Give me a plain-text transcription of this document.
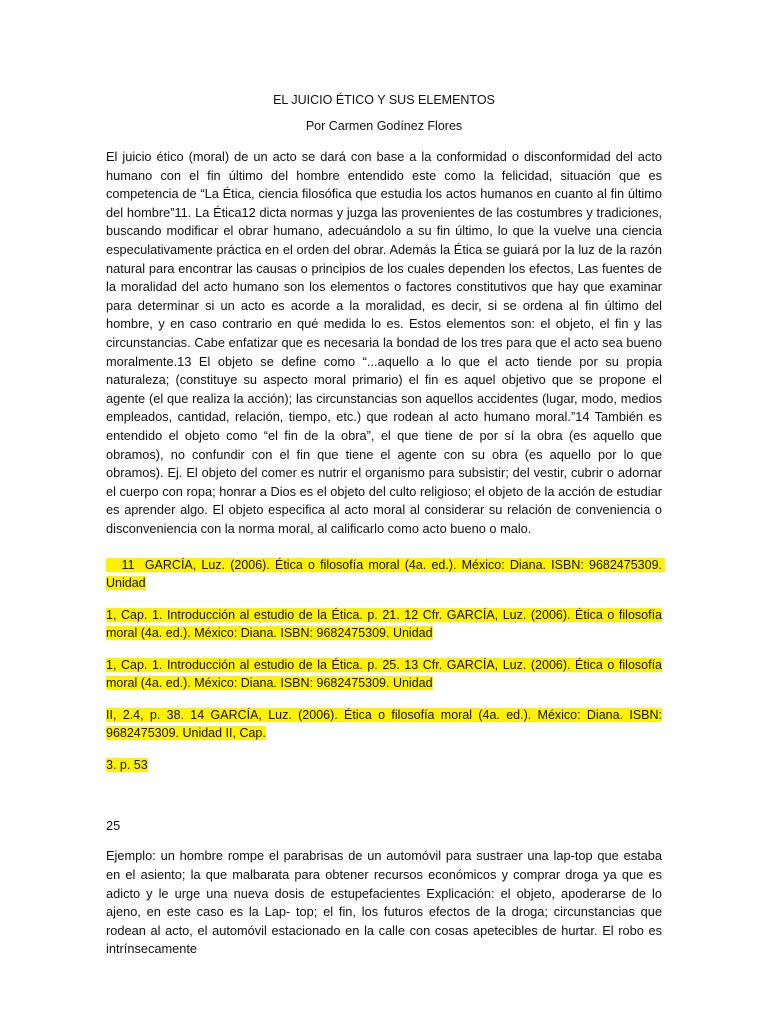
EL JUICIO ÉTICO Y SUS ELEMENTOS

Por Carmen Godínez Flores

El juicio ético (moral) de un acto se dará con base a la conformidad o disconformidad del acto humano con el fin último del hombre entendido este como la felicidad, situación que es competencia de “La Ética, ciencia filosófica que estudia los actos humanos en cuanto al fin último del hombre”11. La Ética12 dicta normas y juzga las provenientes de las costumbres y tradiciones, buscando modificar el obrar humano, adecuándolo a su fin último, lo que la vuelve una ciencia especulativamente práctica en el orden del obrar. Además la Ética se guiará por la luz de la razón natural para encontrar las causas o principios de los cuales dependen los efectos, Las fuentes de la moralidad del acto humano son los elementos o factores constitutivos que hay que examinar para determinar si un acto es acorde a la moralidad, es decir, si se ordena al fin último del hombre, y en caso contrario en qué medida lo es. Estos elementos son: el objeto, el fin y las circunstancias. Cabe enfatizar que es necesaria la bondad de los tres para que el acto sea bueno moralmente.13 El objeto se define como “...aquello a lo que el acto tiende por su propia naturaleza; (constituye su aspecto moral primario) el fin es aquel objetivo que se propone el agente (el que realiza la acción); las circunstancias son aquellos accidentes (lugar, modo, medios empleados, cantidad, relación, tiempo, etc.) que rodean al acto humano moral.”14 También es entendido el objeto como “el fin de la obra”, el que tiene de por sí la obra (es aquello que obramos), no confundir con el fin que tiene el agente con su obra (es aquello por lo que obramos). Ej. El objeto del comer es nutrir el organismo para subsistir; del vestir, cubrir o adornar el cuerpo con ropa; honrar a Dios es el objeto del culto religioso; el objeto de la acción de estudiar es aprender algo. El objeto especifica al acto moral al considerar su relación de conveniencia o disconveniencia con la norma moral, al calificarlo como acto bueno o malo.

11  GARCÍA, Luz. (2006). Ética o filosofía moral (4a. ed.). México: Diana. ISBN: 9682475309. Unidad

1, Cap. 1. Introducción al estudio de la Ética. p. 21. 12 Cfr. GARCÍA, Luz. (2006). Ética o filosofía moral (4a. ed.). México: Diana. ISBN: 9682475309. Unidad

1, Cap. 1. Introducción al estudio de la Ética. p. 25. 13 Cfr. GARCÍA, Luz. (2006). Ética o filosofía moral (4a. ed.). México: Diana. ISBN: 9682475309. Unidad

II, 2.4, p. 38. 14 GARCÍA, Luz. (2006). Ética o filosofía moral (4a. ed.). México: Diana. ISBN: 9682475309. Unidad II, Cap.

3. p. 53

25

Ejemplo: un hombre rompe el parabrisas de un automóvil para sustraer una lap-top que estaba en el asiento; la que malbarata para obtener recursos económicos y comprar droga ya que es adicto y le urge una nueva dosis de estupefacientes Explicación: el objeto, apoderarse de lo ajeno, en este caso es la Lap- top; el fin, los futuros efectos de la droga; circunstancias que rodean al acto, el automóvil estacionado en la calle con cosas apetecibles de hurtar. El robo es intrínsecamente
